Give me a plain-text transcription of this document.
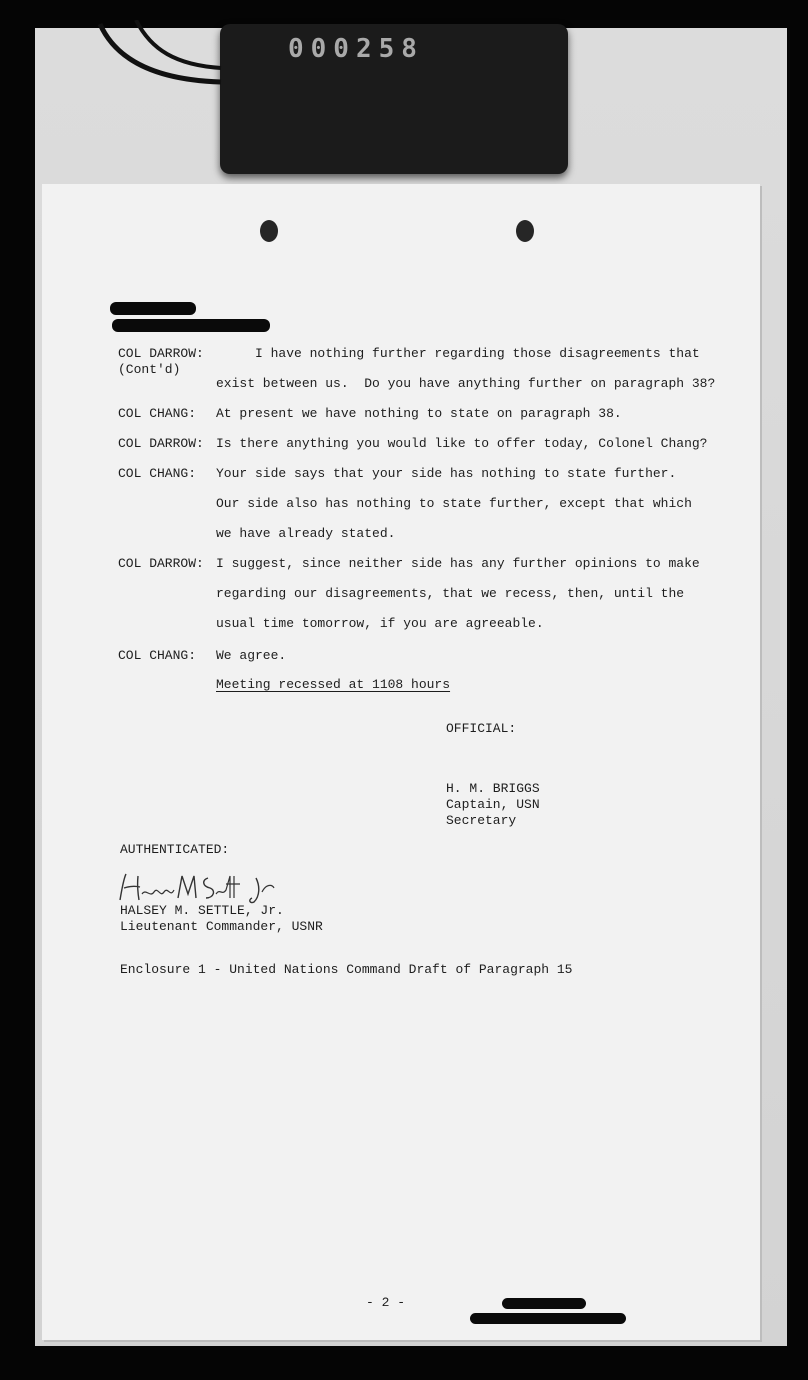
000258

COL DARROW:

(Cont'd)

I have nothing further regarding those disagreements that

exist between us.  Do you have anything further on paragraph 38?

COL CHANG: At present we have nothing to state on paragraph 38.

COL DARROW: Is there anything you would like to offer today, Colonel Chang?

COL CHANG: Your side says that your side has nothing to state further.

Our side also has nothing to state further, except that which

we have already stated.

COL DARROW: I suggest, since neither side has any further opinions to make

regarding our disagreements, that we recess, then, until the

usual time tomorrow, if you are agreeable.

COL CHANG: We agree.

Meeting recessed at 1108 hours

OFFICIAL:

H. M. BRIGGS

Captain, USN

Secretary

AUTHENTICATED:

HALSEY M. SETTLE, Jr.

Lieutenant Commander, USNR

Enclosure 1 - United Nations Command Draft of Paragraph 15

- 2 -
